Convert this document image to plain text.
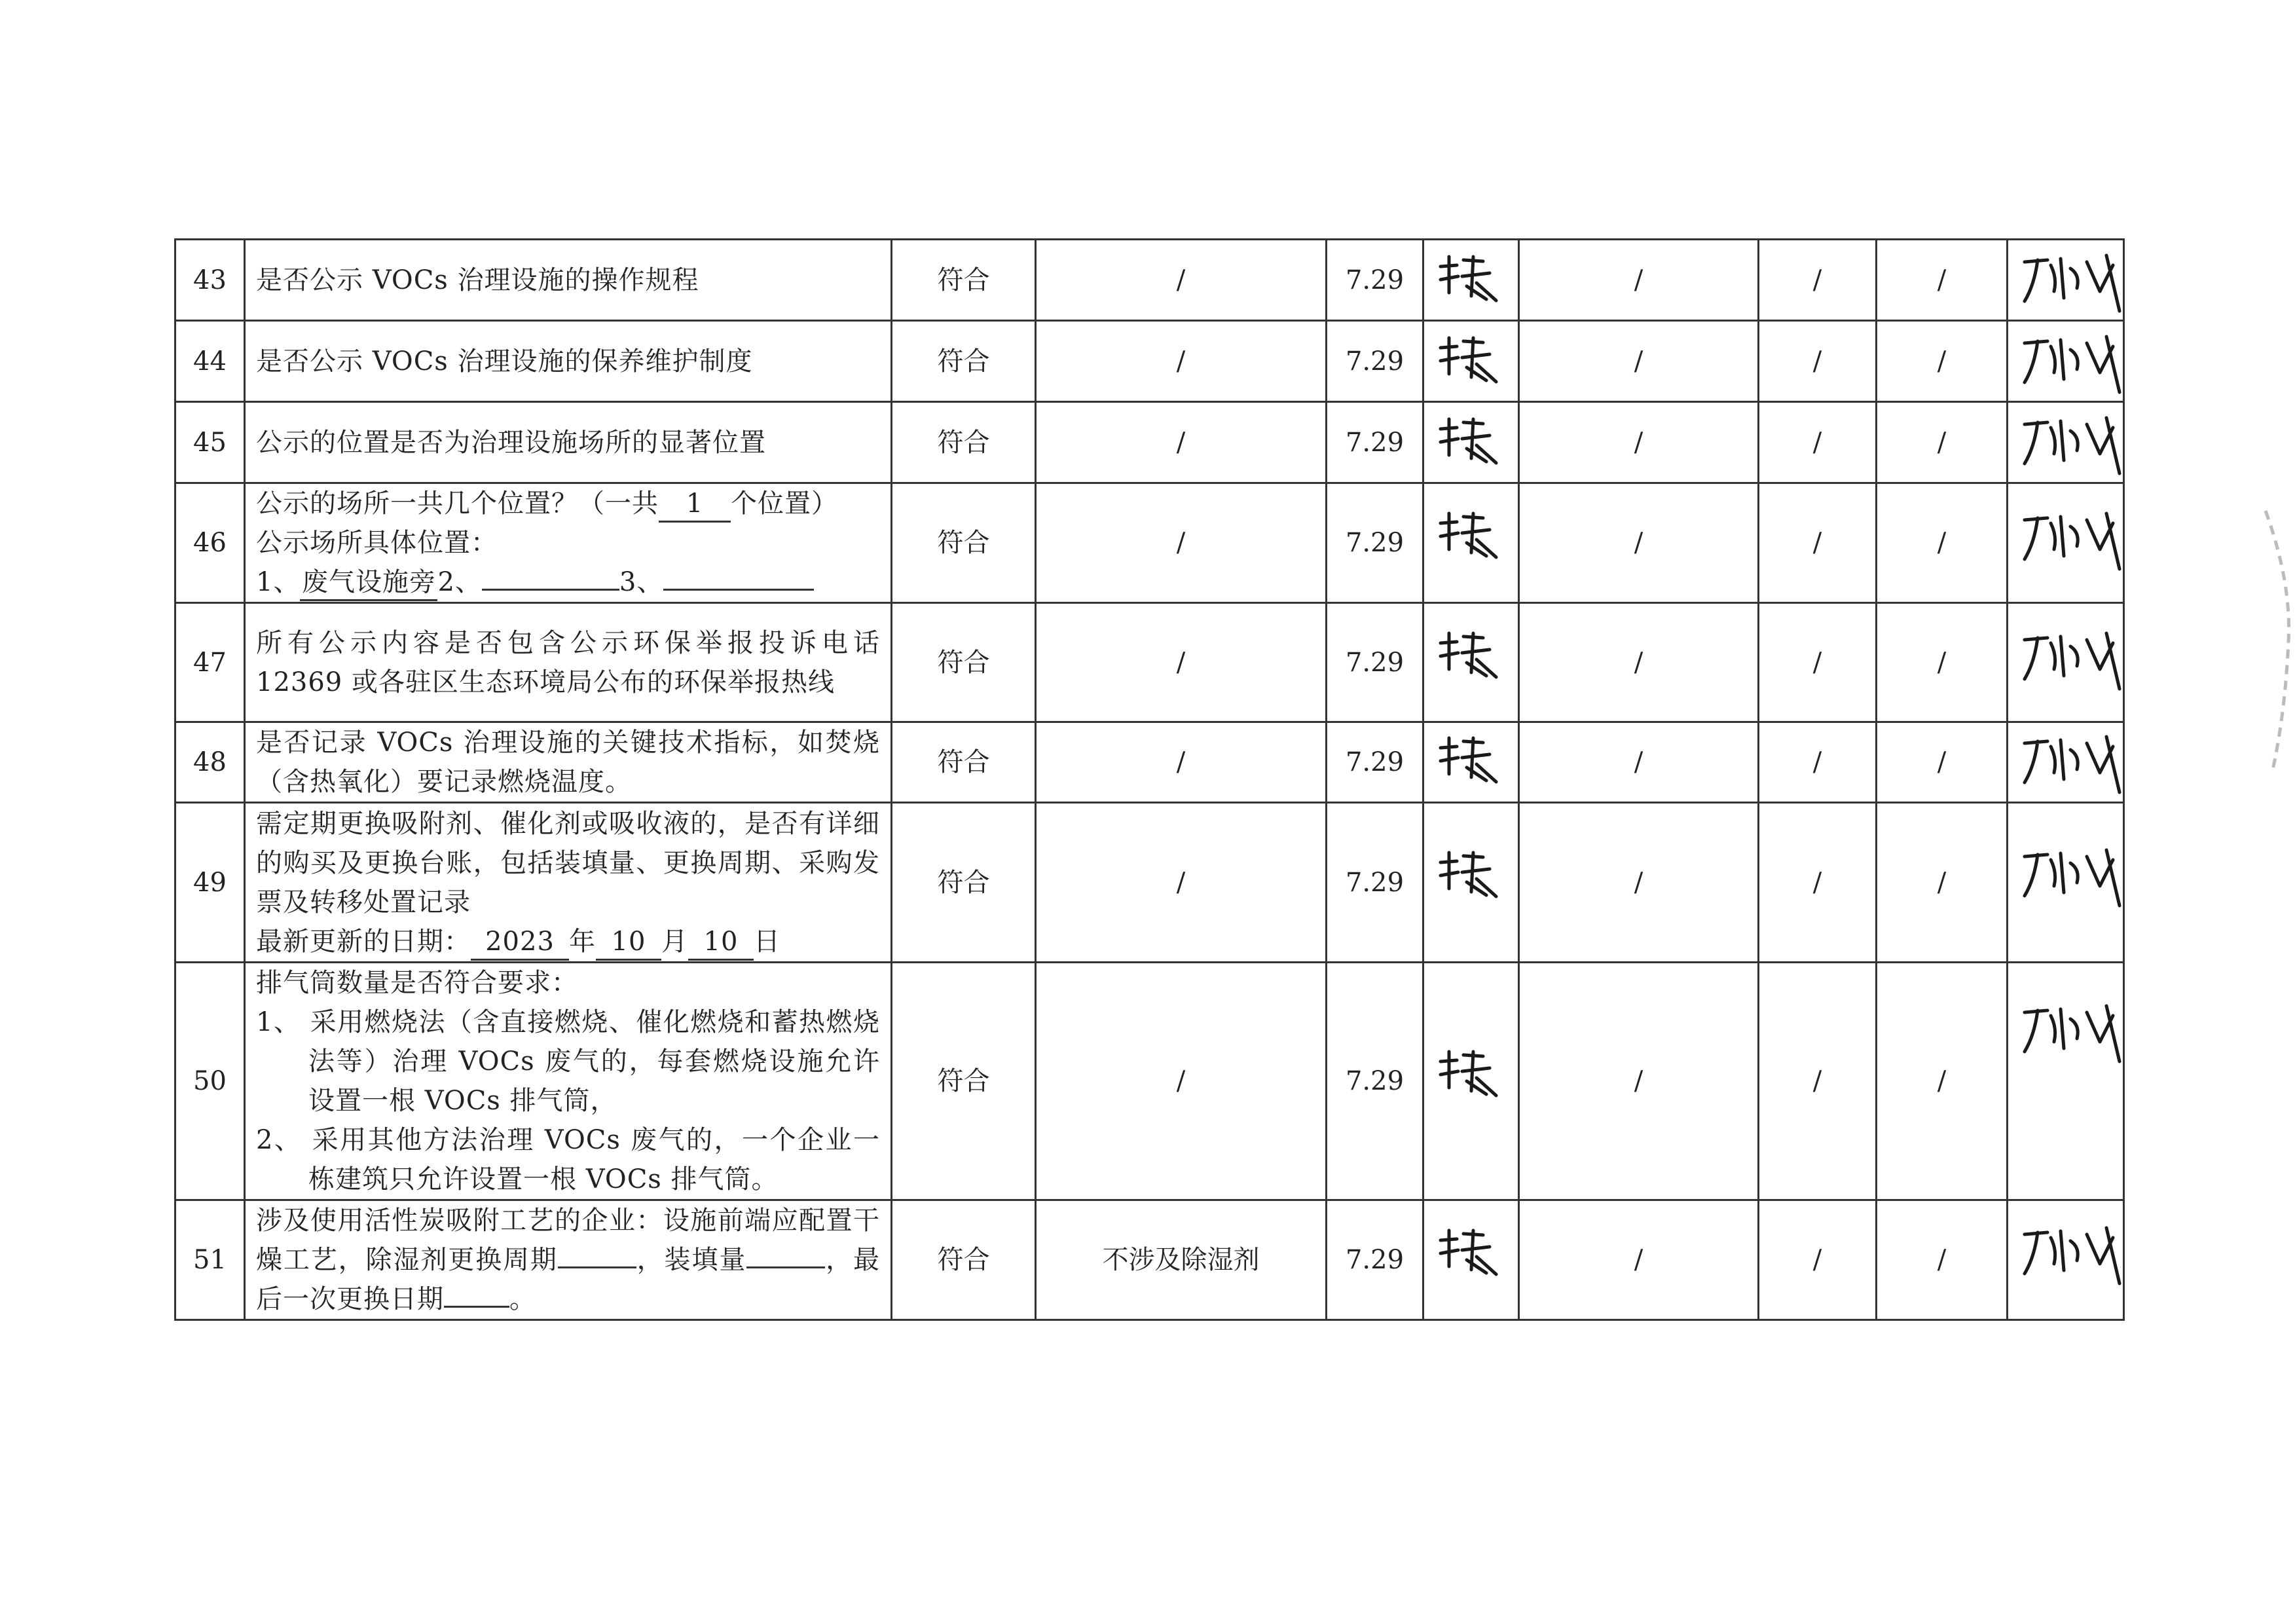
43	是否公示 VOCs 治理设施的操作规程	符合	/	7.29		/	/	/	

44	是否公示 VOCs 治理设施的保养维护制度	符合	/	7.29		/	/	/	

45	公示的位置是否为治理设施场所的显著位置	符合	/	7.29		/	/	/	

46	公示的场所一共几个位置？（一共 1 个位置）
公示场所具体位置：
1、废气设施旁2、 3、	符合	/	7.29		/	/	/	

47	所有公示内容是否包含公示环保举报投诉电话 12369 或各驻区生态环境局公布的环保举报热线	符合	/	7.29		/	/	/	

48	是否记录 VOCs 治理设施的关键技术指标，如焚烧（含热氧化）要记录燃烧温度。	符合	/	7.29		/	/	/	

49	需定期更换吸附剂、催化剂或吸收液的，是否有详细的购买及更换台账，包括装填量、更换周期、采购发票及转移处置记录
最新更新的日期： 2023 年 10 月 10 日	符合	/	7.29		/	/	/	

50	排气筒数量是否符合要求：
1、 采用燃烧法（含直接燃烧、催化燃烧和蓄热燃烧法等）治理 VOCs 废气的，每套燃烧设施允许设置一根 VOCs 排气筒，
2、 采用其他方法治理 VOCs 废气的，一个企业一栋建筑只允许设置一根 VOCs 排气筒。	符合	/	7.29		/	/	/	

51	涉及使用活性炭吸附工艺的企业：设施前端应配置干燥工艺，除湿剂更换周期 ，装填量 ，最后一次更换日期 。	符合	不涉及除湿剂	7.29		/	/	/	
